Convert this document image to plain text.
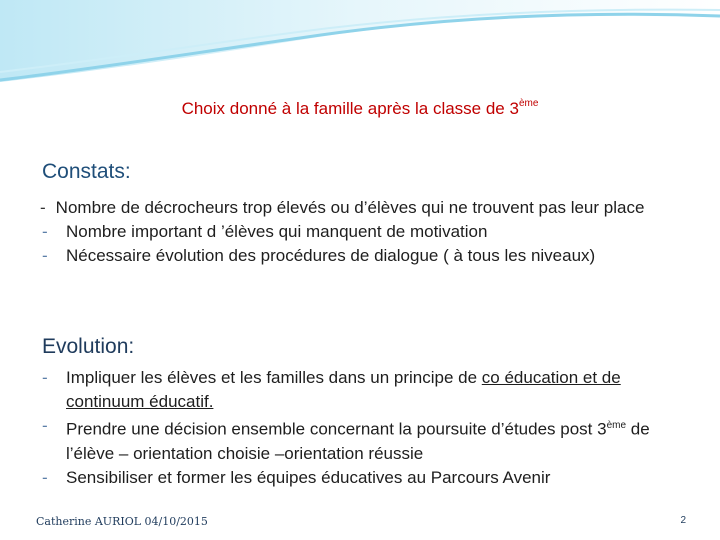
Choix donné à la famille après la classe de 3ème
Constats:
- Nombre de décrocheurs trop élevés ou d’élèves qui ne trouvent pas leur place
- Nombre important d ’élèves qui manquent de motivation
- Nécessaire évolution des procédures de dialogue ( à tous les niveaux)
Evolution:
- Impliquer les élèves et les familles dans un principe de co éducation et de continuum éducatif.
- Prendre une décision ensemble concernant la poursuite d’études post 3ème de l’élève – orientation choisie –orientation réussie
- Sensibiliser et former les équipes éducatives au Parcours Avenir
Catherine AURIOL 04/10/2015	2
